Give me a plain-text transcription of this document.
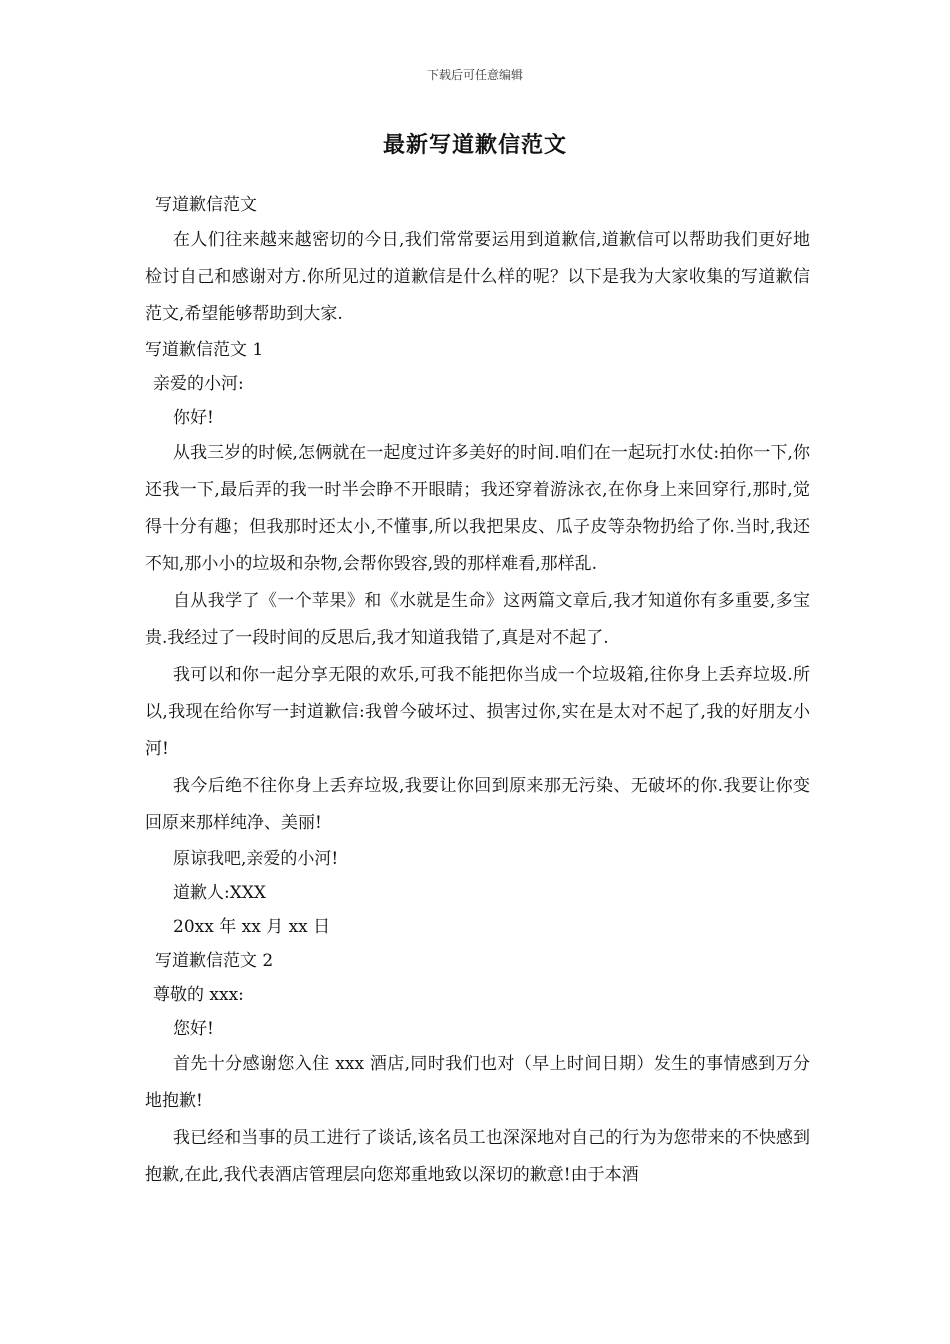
下载后可任意编辑
最新写道歉信范文

写道歉信范文

在人们往来越来越密切的今日,我们常常要运用到道歉信,道歉信可以帮助我们更好地检讨自己和感谢对方.你所见过的道歉信是什么样的呢？以下是我为大家收集的写道歉信范文,希望能够帮助到大家.

写道歉信范文 1

亲爱的小河:

你好!

从我三岁的时候,怎俩就在一起度过许多美好的时间.咱们在一起玩打水仗:拍你一下,你还我一下,最后弄的我一时半会睁不开眼睛；我还穿着游泳衣,在你身上来回穿行,那时,觉得十分有趣；但我那时还太小,不懂事,所以我把果皮、瓜子皮等杂物扔给了你.当时,我还不知,那小小的垃圾和杂物,会帮你毁容,毁的那样难看,那样乱.

自从我学了《一个苹果》和《水就是生命》这两篇文章后,我才知道你有多重要,多宝贵.我经过了一段时间的反思后,我才知道我错了,真是对不起了.

我可以和你一起分享无限的欢乐,可我不能把你当成一个垃圾箱,往你身上丢弃垃圾.所以,我现在给你写一封道歉信:我曾今破坏过、损害过你,实在是太对不起了,我的好朋友小河!

我今后绝不往你身上丢弃垃圾,我要让你回到原来那无污染、无破坏的你.我要让你变回原来那样纯净、美丽!

原谅我吧,亲爱的小河!

道歉人:XXX

20xx 年 xx 月 xx 日

写道歉信范文 2

尊敬的 xxx:

您好!

首先十分感谢您入住 xxx 酒店,同时我们也对（早上时间日期）发生的事情感到万分地抱歉!

我已经和当事的员工进行了谈话,该名员工也深深地对自己的行为为您带来的不快感到抱歉,在此,我代表酒店管理层向您郑重地致以深切的歉意!由于本酒
